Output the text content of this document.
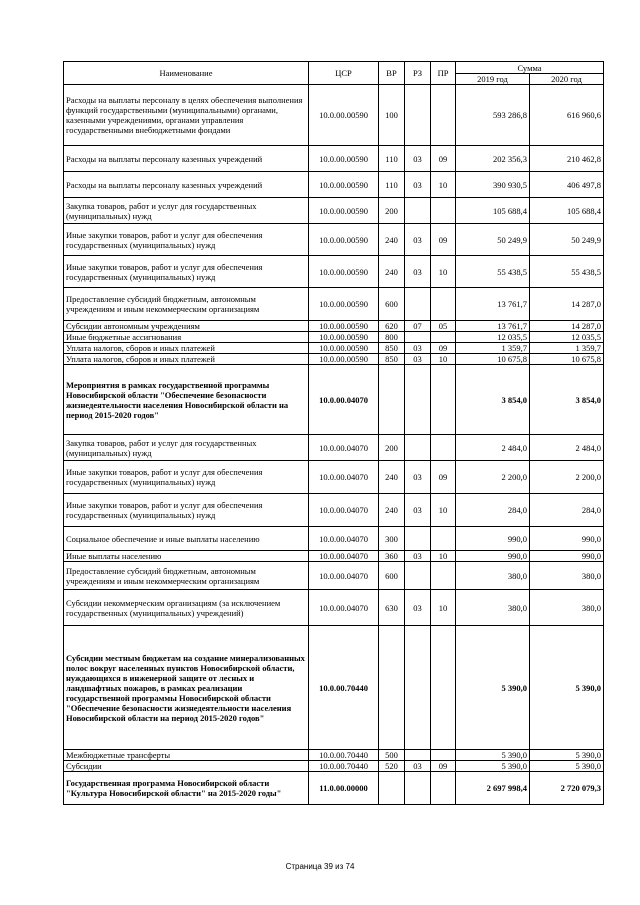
Наименование	ЦСР	ВР	РЗ	ПР	Сумма	
					2019 год	2020 год
Расходы на выплаты персоналу в целях обеспечения выполнения функций государственными (муниципальными) органами, казенными учреждениями, органами управления государственными внебюджетными фондами	10.0.00.00590	100			593 286,8	616 960,6
Расходы на выплаты персоналу казенных учреждений	10.0.00.00590	110	03	09	202 356,3	210 462,8
Расходы на выплаты персоналу казенных учреждений	10.0.00.00590	110	03	10	390 930,5	406 497,8
Закупка товаров, работ и услуг для государственных (муниципальных) нужд	10.0.00.00590	200			105 688,4	105 688,4
Иные закупки товаров, работ и услуг для обеспечения государственных (муниципальных) нужд	10.0.00.00590	240	03	09	50 249,9	50 249,9
Иные закупки товаров, работ и услуг для обеспечения государственных (муниципальных) нужд	10.0.00.00590	240	03	10	55 438,5	55 438,5
Предоставление субсидий бюджетным, автономным учреждениям и иным некоммерческим организациям	10.0.00.00590	600			13 761,7	14 287,0
Субсидии автономным учреждениям	10.0.00.00590	620	07	05	13 761,7	14 287,0
Иные бюджетные ассигнования	10.0.00.00590	800			12 035,5	12 035,5
Уплата налогов, сборов и иных платежей	10.0.00.00590	850	03	09	1 359,7	1 359,7
Уплата налогов, сборов и иных платежей	10.0.00.00590	850	03	10	10 675,8	10 675,8
Мероприятия в рамках государственной программы Новосибирской области "Обеспечение безопасности жизнедеятельности населения Новосибирской области на период 2015-2020 годов"	10.0.00.04070				3 854,0	3 854,0
Закупка товаров, работ и услуг для государственных (муниципальных) нужд	10.0.00.04070	200			2 484,0	2 484,0
Иные закупки товаров, работ и услуг для обеспечения государственных (муниципальных) нужд	10.0.00.04070	240	03	09	2 200,0	2 200,0
Иные закупки товаров, работ и услуг для обеспечения государственных (муниципальных) нужд	10.0.00.04070	240	03	10	284,0	284,0
Социальное обеспечение и иные выплаты населению	10.0.00.04070	300			990,0	990,0
Иные выплаты населению	10.0.00.04070	360	03	10	990,0	990,0
Предоставление субсидий бюджетным, автономным учреждениям и иным некоммерческим организациям	10.0.00.04070	600			380,0	380,0
Субсидии некоммерческим организациям (за исключением государственных (муниципальных) учреждений)	10.0.00.04070	630	03	10	380,0	380,0
Субсидии местным бюджетам на создание минерализованных полос вокруг населенных пунктов Новосибирской области, нуждающихся в инженерной защите от лесных и ландшафтных пожаров, в рамках реализации государственной программы Новосибирской области "Обеспечение безопасности жизнедеятельности населения Новосибирской области на период 2015-2020 годов"	10.0.00.70440				5 390,0	5 390,0
Межбюджетные трансферты	10.0.00.70440	500			5 390,0	5 390,0
Субсидии	10.0.00.70440	520	03	09	5 390,0	5 390,0
Государственная программа Новосибирской области "Культура Новосибирской области" на 2015-2020 годы"	11.0.00.00000				2 697 998,4	2 720 079,3
Страница 39 из 74
